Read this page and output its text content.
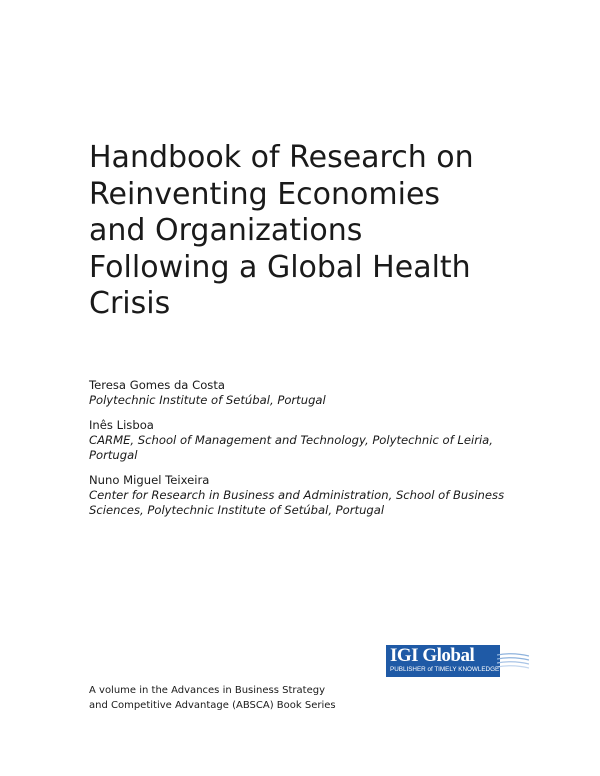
Handbook of Research on
Reinventing Economies
and Organizations
Following a Global Health
Crisis
Teresa Gomes da Costa
Polytechnic Institute of Setúbal, Portugal
Inês Lisboa
CARME, School of Management and Technology, Polytechnic of Leiria,
Portugal
Nuno Miguel Teixeira
Center for Research in Business and Administration, School of Business
Sciences, Polytechnic Institute of Setúbal, Portugal
IGI Global
PUBLISHER of TIMELY KNOWLEDGE
A volume in the Advances in Business Strategy
and Competitive Advantage (ABSCA) Book Series
